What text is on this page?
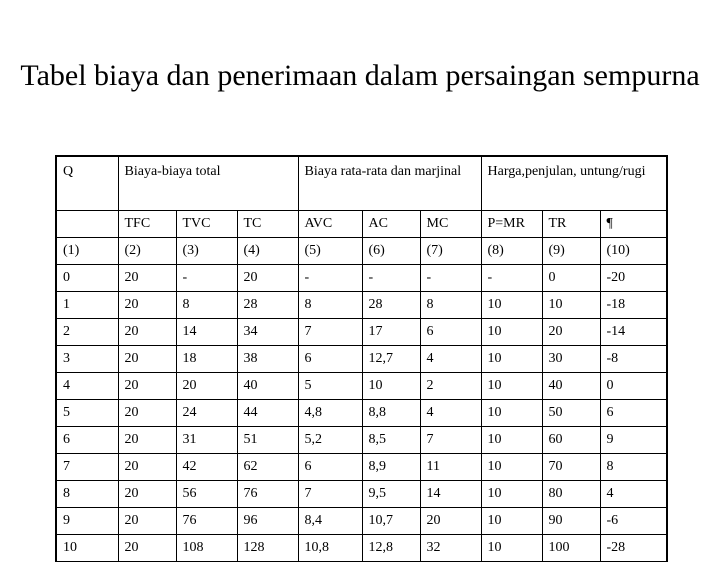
Tabel biaya dan penerimaan dalam persaingan sempurna
Q	Biaya-biaya total			Biaya rata-rata dan marjinal			Harga,penjulan, untung/rugi		
	TFC	TVC	TC	AVC	AC	MC	P=MR	TR	¶
(1)	(2)	(3)	(4)	(5)	(6)	(7)	(8)	(9)	(10)
0	20	-	20	-	-	-	-	0	-20
1	20	8	28	8	28	8	10	10	-18
2	20	14	34	7	17	6	10	20	-14
3	20	18	38	6	12,7	4	10	30	-8
4	20	20	40	5	10	2	10	40	0
5	20	24	44	4,8	8,8	4	10	50	6
6	20	31	51	5,2	8,5	7	10	60	9
7	20	42	62	6	8,9	11	10	70	8
8	20	56	76	7	9,5	14	10	80	4
9	20	76	96	8,4	10,7	20	10	90	-6
10	20	108	128	10,8	12,8	32	10	100	-28
